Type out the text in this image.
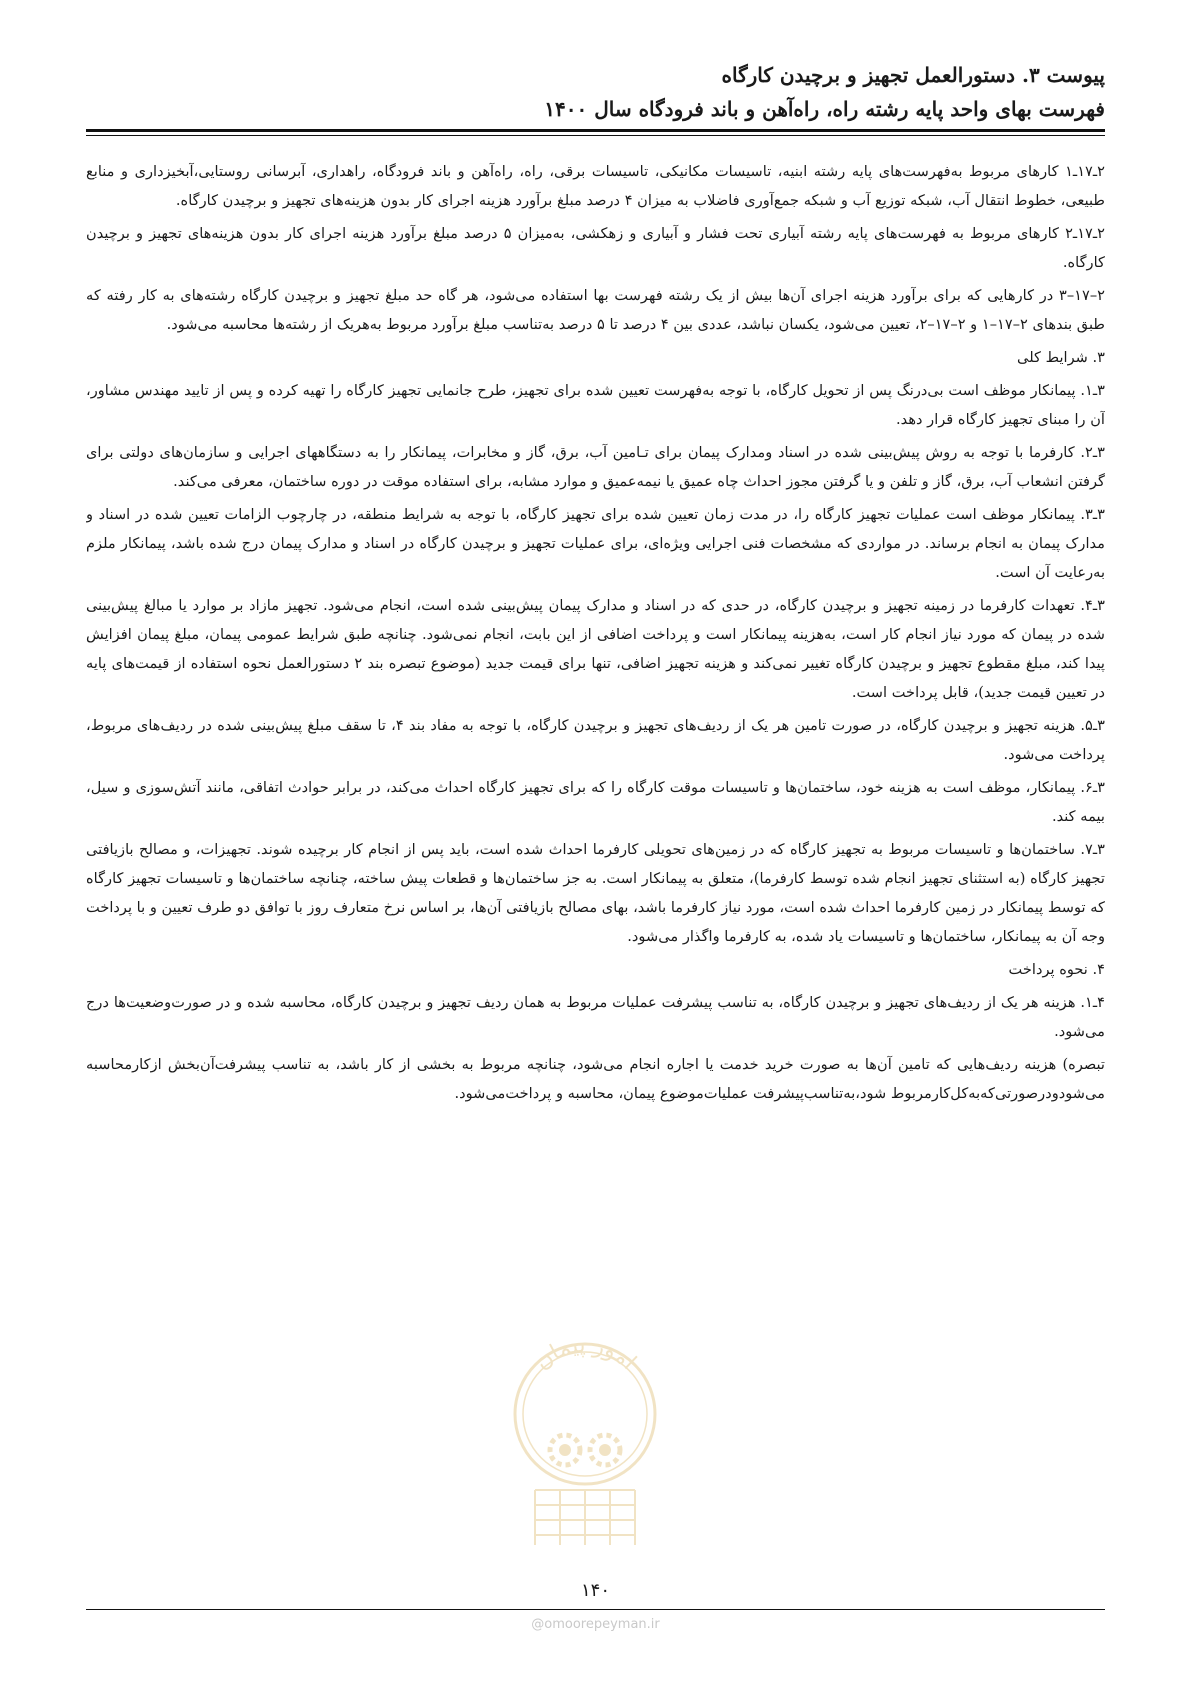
پیوست ۳. دستورالعمل تجهیز و برچیدن کارگاه
فهرست بهای واحد پایه رشته راه، راه‌آهن و باند فرودگاه سال ۱۴۰۰

۲ـ۱۷ـ۱ کارهای مربوط به‌فهرست‌های پایه رشته ابنیه، تاسیسات مکانیکی، تاسیسات برقی، راه، راه‌آهن و باند فرودگاه، راهداری، آبرسانی روستایی،آبخیزداری و منابع طبیعی، خطوط انتقال آب، شبکه توزیع آب و شبکه جمع‌آوری فاضلاب به میزان ۴ درصد مبلغ برآورد هزینه اجرای کار بدون هزینه‌های تجهیز و برچیدن کارگاه.

۲ـ۱۷ـ۲ کارهای مربوط به فهرست‌های پایه رشته آبیاری تحت فشار و آبیاری و زهکشی، به‌میزان ۵ درصد مبلغ برآورد هزینه اجرای کار بدون هزینه‌های تجهیز و برچیدن کارگاه.

۲–۱۷–۳ در کارهایی که برای برآورد هزینه اجرای آن‌ها بیش از یک رشته فهرست بها استفاده می‌شود، هر گاه حد مبلغ تجهیز و برچیدن کارگاه رشته‌های به کار رفته که طبق بندهای ۲–۱۷–۱ و ۲–۱۷–۲، تعیین می‌شود، یکسان نباشد، عددی بین ۴ درصد تا ۵ درصد به‌تناسب مبلغ برآورد مربوط به‌هریک از رشته‌ها محاسبه می‌شود.

۳. شرایط کلی

۳ـ۱. پیمانکار موظف است بی‌درنگ پس از تحویل کارگاه، با توجه به‌فهرست تعیین شده برای تجهیز، طرح جانمایی تجهیز کارگاه را تهیه کرده و پس از تایید مهندس مشاور، آن را مبنای تجهیز کارگاه قرار دهد.

۳ـ۲. کارفرما با توجه به روش پیش‌بینی شده در اسناد ومدارک پیمان برای تـامین آب، برق، گاز و مخابرات، پیمانکار را به دستگاههای اجرایی و سازمان‌های دولتی برای گرفتن انشعاب آب، برق، گاز و تلفن و یا گرفتن مجوز احداث چاه عمیق یا نیمه‌عمیق و موارد مشابه، برای استفاده موقت در دوره ساختمان، معرفی می‌کند.

۳ـ۳. پیمانکار موظف است عملیات تجهیز کارگاه را، در مدت زمان تعیین شده برای تجهیز کارگاه، با توجه به شرایط منطقه، در چارچوب الزامات تعیین شده در اسناد و مدارک پیمان به انجام برساند. در مواردی که مشخصات فنی اجرایی ویژه‌ای، برای عملیات تجهیز و برچیدن کارگاه در اسناد و مدارک پیمان درج شده باشد، پیمانکار ملزم به‌رعایت آن است.

۳ـ۴. تعهدات کارفرما در زمینه تجهیز و برچیدن کارگاه، در حدی که در اسناد و مدارک پیمان پیش‌بینی شده است، انجام می‌شود. تجهیز مازاد بر موارد یا مبالغ پیش‌بینی شده در پیمان که مورد نیاز انجام کار است، به‌هزینه پیمانکار است و پرداخت اضافی از این بابت، انجام نمی‌شود. چنانچه طبق شرایط عمومی پیمان، مبلغ پیمان افزایش پیدا کند، مبلغ مقطوع تجهیز و برچیدن کارگاه تغییر نمی‌کند و هزینه تجهیز اضافی، تنها برای قیمت جدید (موضوع تبصره بند ۲ دستورالعمل نحوه استفاده از قیمت‌های پایه در تعیین قیمت جدید)، قابل پرداخت است.

۳ـ۵. هزینه تجهیز و برچیدن کارگاه، در صورت تامین هر یک از ردیف‌های تجهیز و برچیدن کارگاه، با توجه به مفاد بند ۴، تا سقف مبلغ پیش‌بینی شده در ردیف‌های مربوط، پرداخت می‌شود.

۳ـ۶. پیمانکار، موظف است به هزینه خود، ساختمان‌ها و تاسیسات موقت کارگاه را که برای تجهیز کارگاه احداث می‌کند، در برابر حوادث اتفاقی، مانند آتش‌سوزی و سیل، بیمه کند.

۳ـ۷. ساختمان‌ها و تاسیسات مربوط به تجهیز کارگاه که در زمین‌های تحویلی کارفرما احداث شده است، باید پس از انجام کار برچیده شوند. تجهیزات، و مصالح بازیافتی تجهیز کارگاه (به استثنای تجهیز انجام شده توسط کارفرما)، متعلق به پیمانکار است. به جز ساختمان‌ها و قطعات پیش ساخته، چنانچه ساختمان‌ها و تاسیسات تجهیز کارگاه که توسط پیمانکار در زمین کارفرما احداث شده است، مورد نیاز کارفرما باشد، بهای مصالح بازیافتی آن‌ها، بر اساس نرخ متعارف روز با توافق دو طرف تعیین و با پرداخت وجه آن به پیمانکار، ساختمان‌ها و تاسیسات یاد شده، به کارفرما واگذار می‌شود.

۴. نحوه پرداخت

۴ـ۱. هزینه هر یک از ردیف‌های تجهیز و برچیدن کارگاه، به تناسب پیشرفت عملیات مربوط به همان ردیف تجهیز و برچیدن کارگاه، محاسبه شده و در صورت‌وضعیت‌ها درج می‌شود.

تبصره) هزینه ردیف‌هایی که تامین آن‌ها به صورت خرید خدمت یا اجاره انجام می‌شود، چنانچه مربوط به بخشی از کار باشد، به تناسب پیشرفت‌آن‌بخش ازکارمحاسبه می‌شودودرصورتی‌که‌به‌کل‌کارمربوط شود،به‌تناسب‌پیشرفت عملیات‌موضوع پیمان، محاسبه و پرداخت‌می‌شود.

امور پیمان
۱۴۰
@omoorepeyman.ir
